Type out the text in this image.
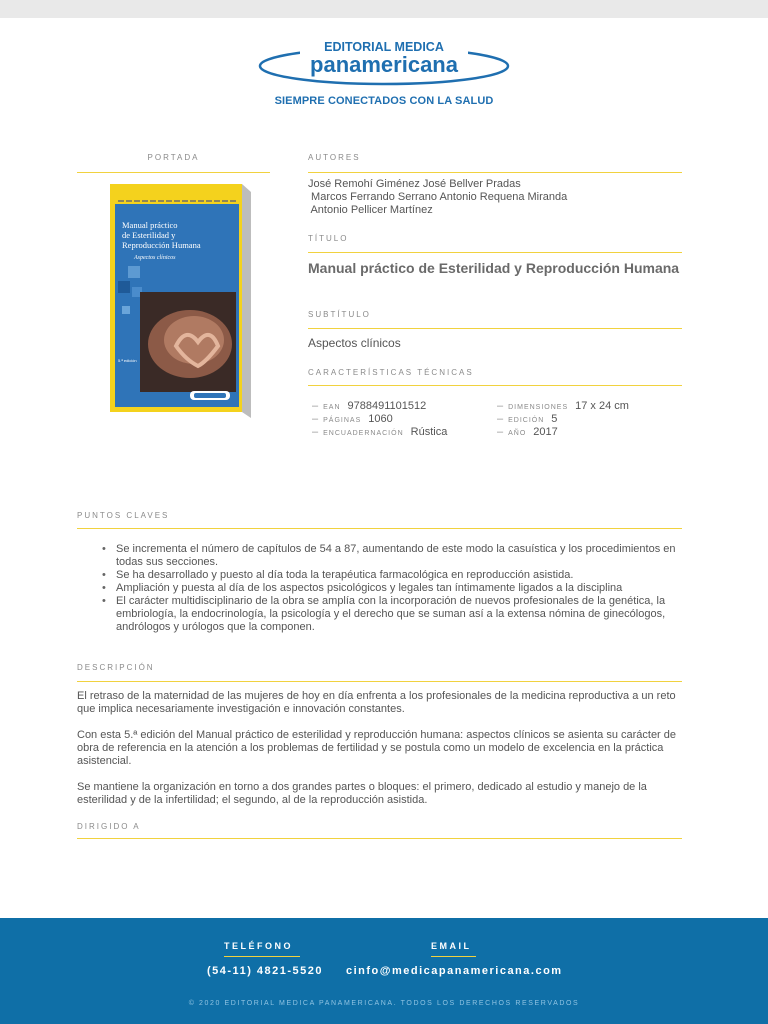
EDITORIAL MEDICA
panamericana
SIEMPRE CONECTADOS CON LA SALUD
PORTADA
Manual práctico
de Esterilidad y
Reproducción Humana
Aspectos clínicos
5.ª edición
AUTORES
José Remohí Giménez José Bellver Pradas
Marcos Ferrando Serrano Antonio Requena Miranda
Antonio Pellicer Martínez
TÍTULO
Manual práctico de Esterilidad y Reproducción Humana
SUBTÍTULO
Aspectos clínicos
CARACTERÍSTICAS TÉCNICAS
– EAN 9788491101512
– PÁGINAS 1060
– ENCUADERNACIÓN Rústica
– DIMENSIONES 17 x 24 cm
– EDICIÓN 5
– AÑO 2017
PUNTOS CLAVES
• Se incrementa el número de capítulos de 54 a 87, aumentando de este modo la casuística y los procedimientos en todas sus secciones.
• Se ha desarrollado y puesto al día toda la terapéutica farmacológica en reproducción asistida.
• Ampliación y puesta al día de los aspectos psicológicos y legales tan íntimamente ligados a la disciplina
• El carácter multidisciplinario de la obra se amplía con la incorporación de nuevos profesionales de la genética, la embriología, la endocrinología, la psicología y el derecho que se suman así a la extensa nómina de ginecólogos, andrólogos y urólogos que la componen.
DESCRIPCIÓN

El retraso de la maternidad de las mujeres de hoy en día enfrenta a los profesionales de la medicina reproductiva a un reto que implica necesariamente investigación e innovación constantes.

Con esta 5.ª edición del Manual práctico de esterilidad y reproducción humana: aspectos clínicos se asienta su carácter de obra de referencia en la atención a los problemas de fertilidad y se postula como un modelo de excelencia en la práctica asistencial.

Se mantiene la organización en torno a dos grandes partes o bloques: el primero, dedicado al estudio y manejo de la esterilidad y de la infertilidad; el segundo, al de la reproducción asistida.

DIRIGIDO A
TELÉFONO
(54-11) 4821-5520
EMAIL
cinfo@medicapanamericana.com
© 2020 EDITORIAL MEDICA PANAMERICANA. TODOS LOS DERECHOS RESERVADOS
